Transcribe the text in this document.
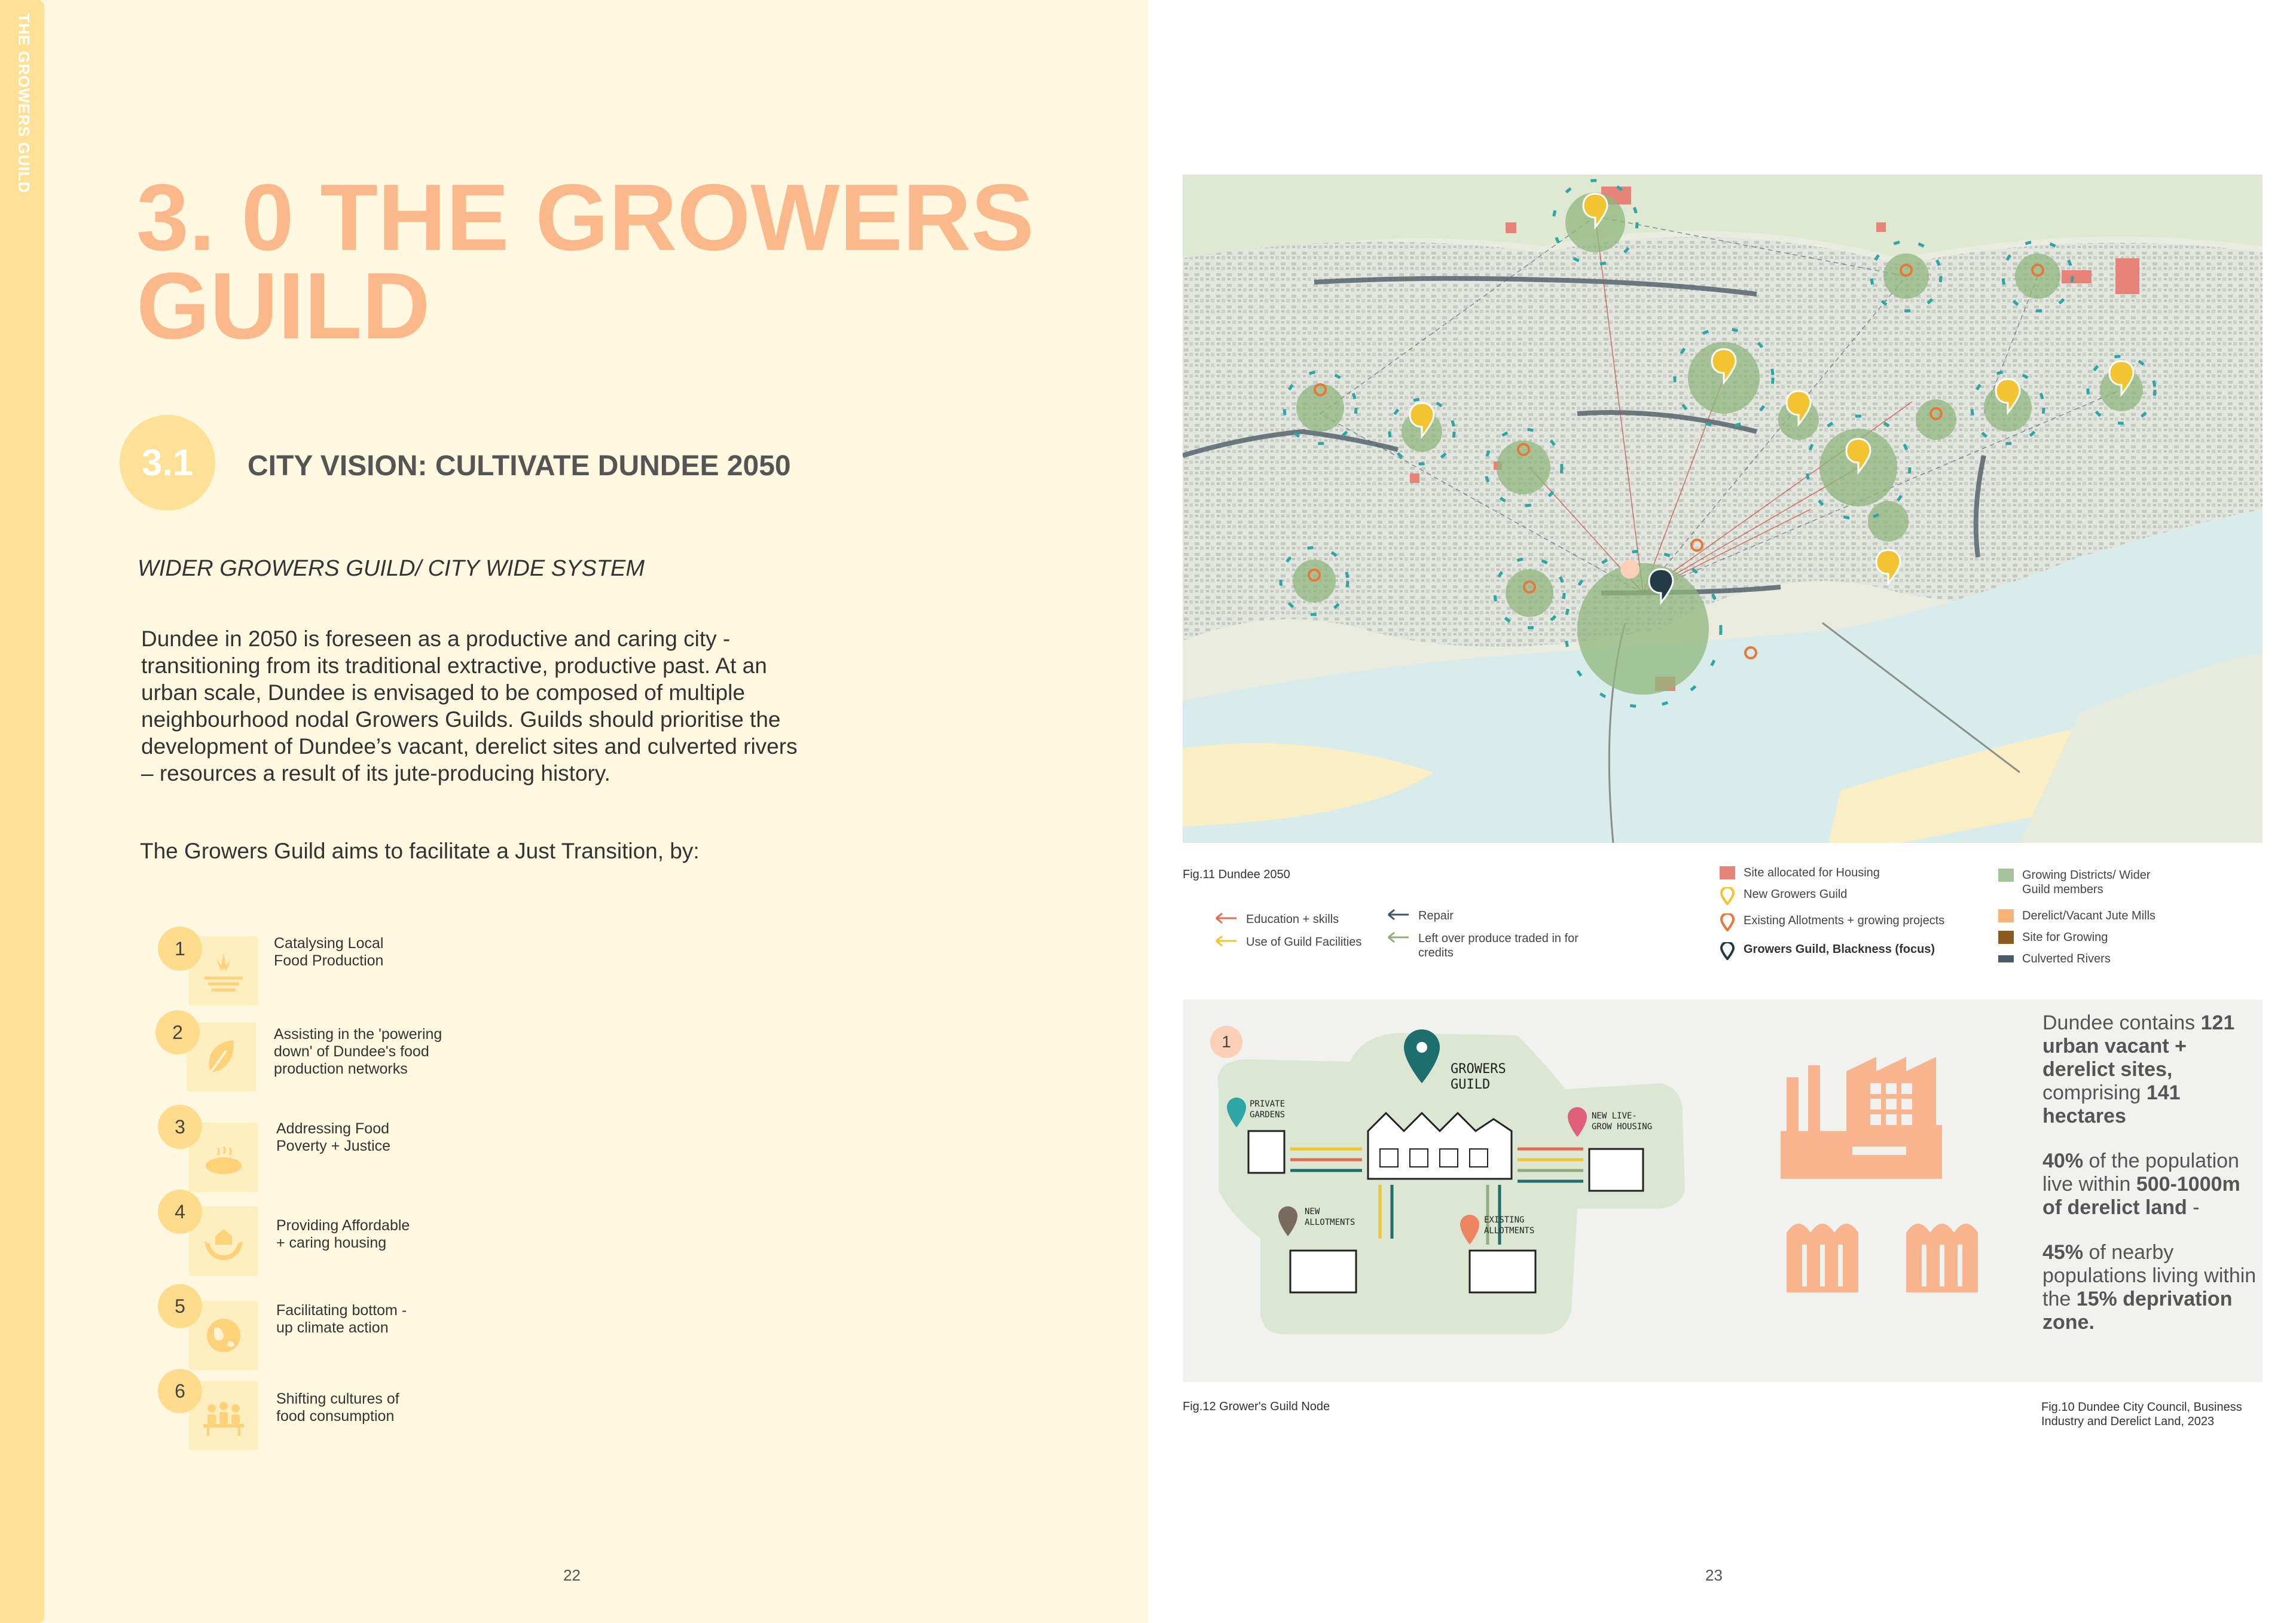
THE GROWERS GUILD
3. 0 THE GROWERS GUILD
3.1	CITY VISION: CULTIVATE DUNDEE 2050
WIDER GROWERS GUILD/ CITY WIDE SYSTEM
Dundee in 2050 is foreseen as a productive and caring city - transitioning from its traditional extractive, productive past. At an urban scale, Dundee is envisaged to be composed of multiple neighbourhood nodal Growers Guilds. Guilds should prioritise the development of Dundee’s vacant, derelict sites and culverted rivers – resources a result of its jute-producing history.
The Growers Guild aims to facilitate a Just Transition, by:
1	Catalysing Local
Food Production
2	Assisting in the 'powering
down' of Dundee's food
production networks
3	Addressing Food
Poverty + Justice
4
Providing Affordable
+ caring housing
5	Facilitating bottom -
up climate action
6	Shifting cultures of
food consumption
22
Fig.11 Dundee 2050
Education + skills
Use of Guild Facilities
Repair
Left over produce traded in for
credits
Site allocated for Housing
New Growers Guild
Existing Allotments + growing projects
Growers Guild, Blackness (focus)
Growing Districts/ Wider
Guild members
Derelict/Vacant Jute Mills
Site for Growing
Culverted Rivers
1
GROWERS
GUILD
PRIVATE
GARDENS	NEW LIVE-
GROW HOUSING
NEW
ALLOTMENTS	EXISTING
ALLOTMENTS

Dundee contains 121 urban vacant + derelict sites, comprising 141 hectares

40% of the population live within 500-1000m of derelict land -

45% of nearby populations living within the 15% deprivation zone.

Fig.12 Grower's Guild Node	Fig.10 Dundee City Council, Business
Industry and Derelict Land, 2023
23
